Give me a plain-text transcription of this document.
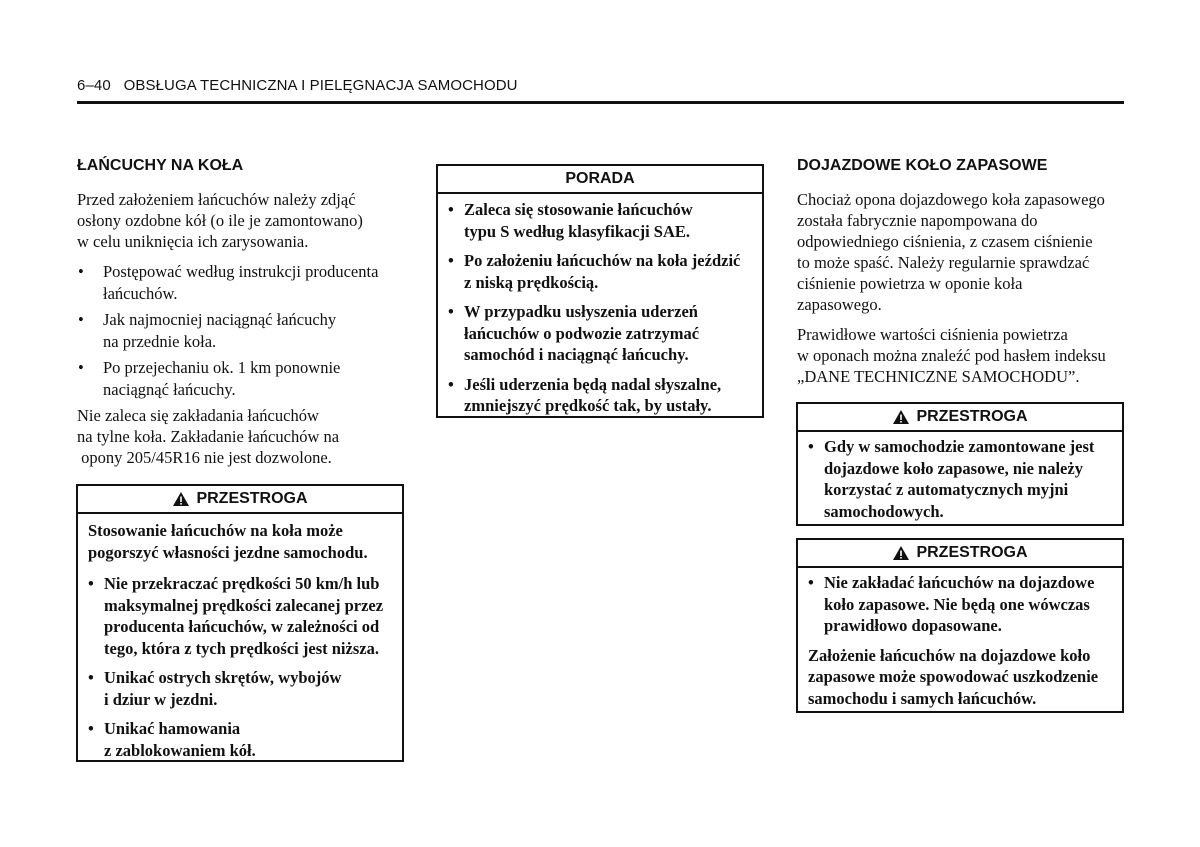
6–40 OBSŁUGA TECHNICZNA I PIELĘGNACJA SAMOCHODU
ŁAŃCUCHY NA KOŁA
Przed założeniem łańcuchów należy zdjąć
osłony ozdobne kół (o ile je zamontowano)
w celu uniknięcia ich zarysowania.
• Postępować według instrukcji producenta
łańcuchów.
• Jak najmocniej naciągnąć łańcuchy
na przednie koła.
• Po przejechaniu ok. 1 km ponownie
naciągnąć łańcuchy.
Nie zaleca się zakładania łańcuchów
na tylne koła. Zakładanie łańcuchów na
opony 205/45R16 nie jest dozwolone.
PRZESTROGA
Stosowanie łańcuchów na koła może
pogorszyć własności jezdne samochodu.
• Nie przekraczać prędkości 50 km/h lub
maksymalnej prędkości zalecanej przez
producenta łańcuchów, w zależności od
tego, która z tych prędkości jest niższa.
• Unikać ostrych skrętów, wybojów
i dziur w jezdni.
• Unikać hamowania
z zablokowaniem kół.
PORADA
• Zaleca się stosowanie łańcuchów
typu S według klasyfikacji SAE.
• Po założeniu łańcuchów na koła jeździć
z niską prędkością.
• W przypadku usłyszenia uderzeń
łańcuchów o podwozie zatrzymać
samochód i naciągnąć łańcuchy.
• Jeśli uderzenia będą nadal słyszalne,
zmniejszyć prędkość tak, by ustały.
DOJAZDOWE KOŁO ZAPASOWE
Chociaż opona dojazdowego koła zapasowego
została fabrycznie napompowana do
odpowiedniego ciśnienia, z czasem ciśnienie
to może spaść. Należy regularnie sprawdzać
ciśnienie powietrza w oponie koła
zapasowego.
Prawidłowe wartości ciśnienia powietrza
w oponach można znaleźć pod hasłem indeksu
„DANE TECHNICZNE SAMOCHODU”.
PRZESTROGA
• Gdy w samochodzie zamontowane jest
dojazdowe koło zapasowe, nie należy
korzystać z automatycznych myjni
samochodowych.
PRZESTROGA
• Nie zakładać łańcuchów na dojazdowe
koło zapasowe. Nie będą one wówczas
prawidłowo dopasowane.
Założenie łańcuchów na dojazdowe koło
zapasowe może spowodować uszkodzenie
samochodu i samych łańcuchów.
